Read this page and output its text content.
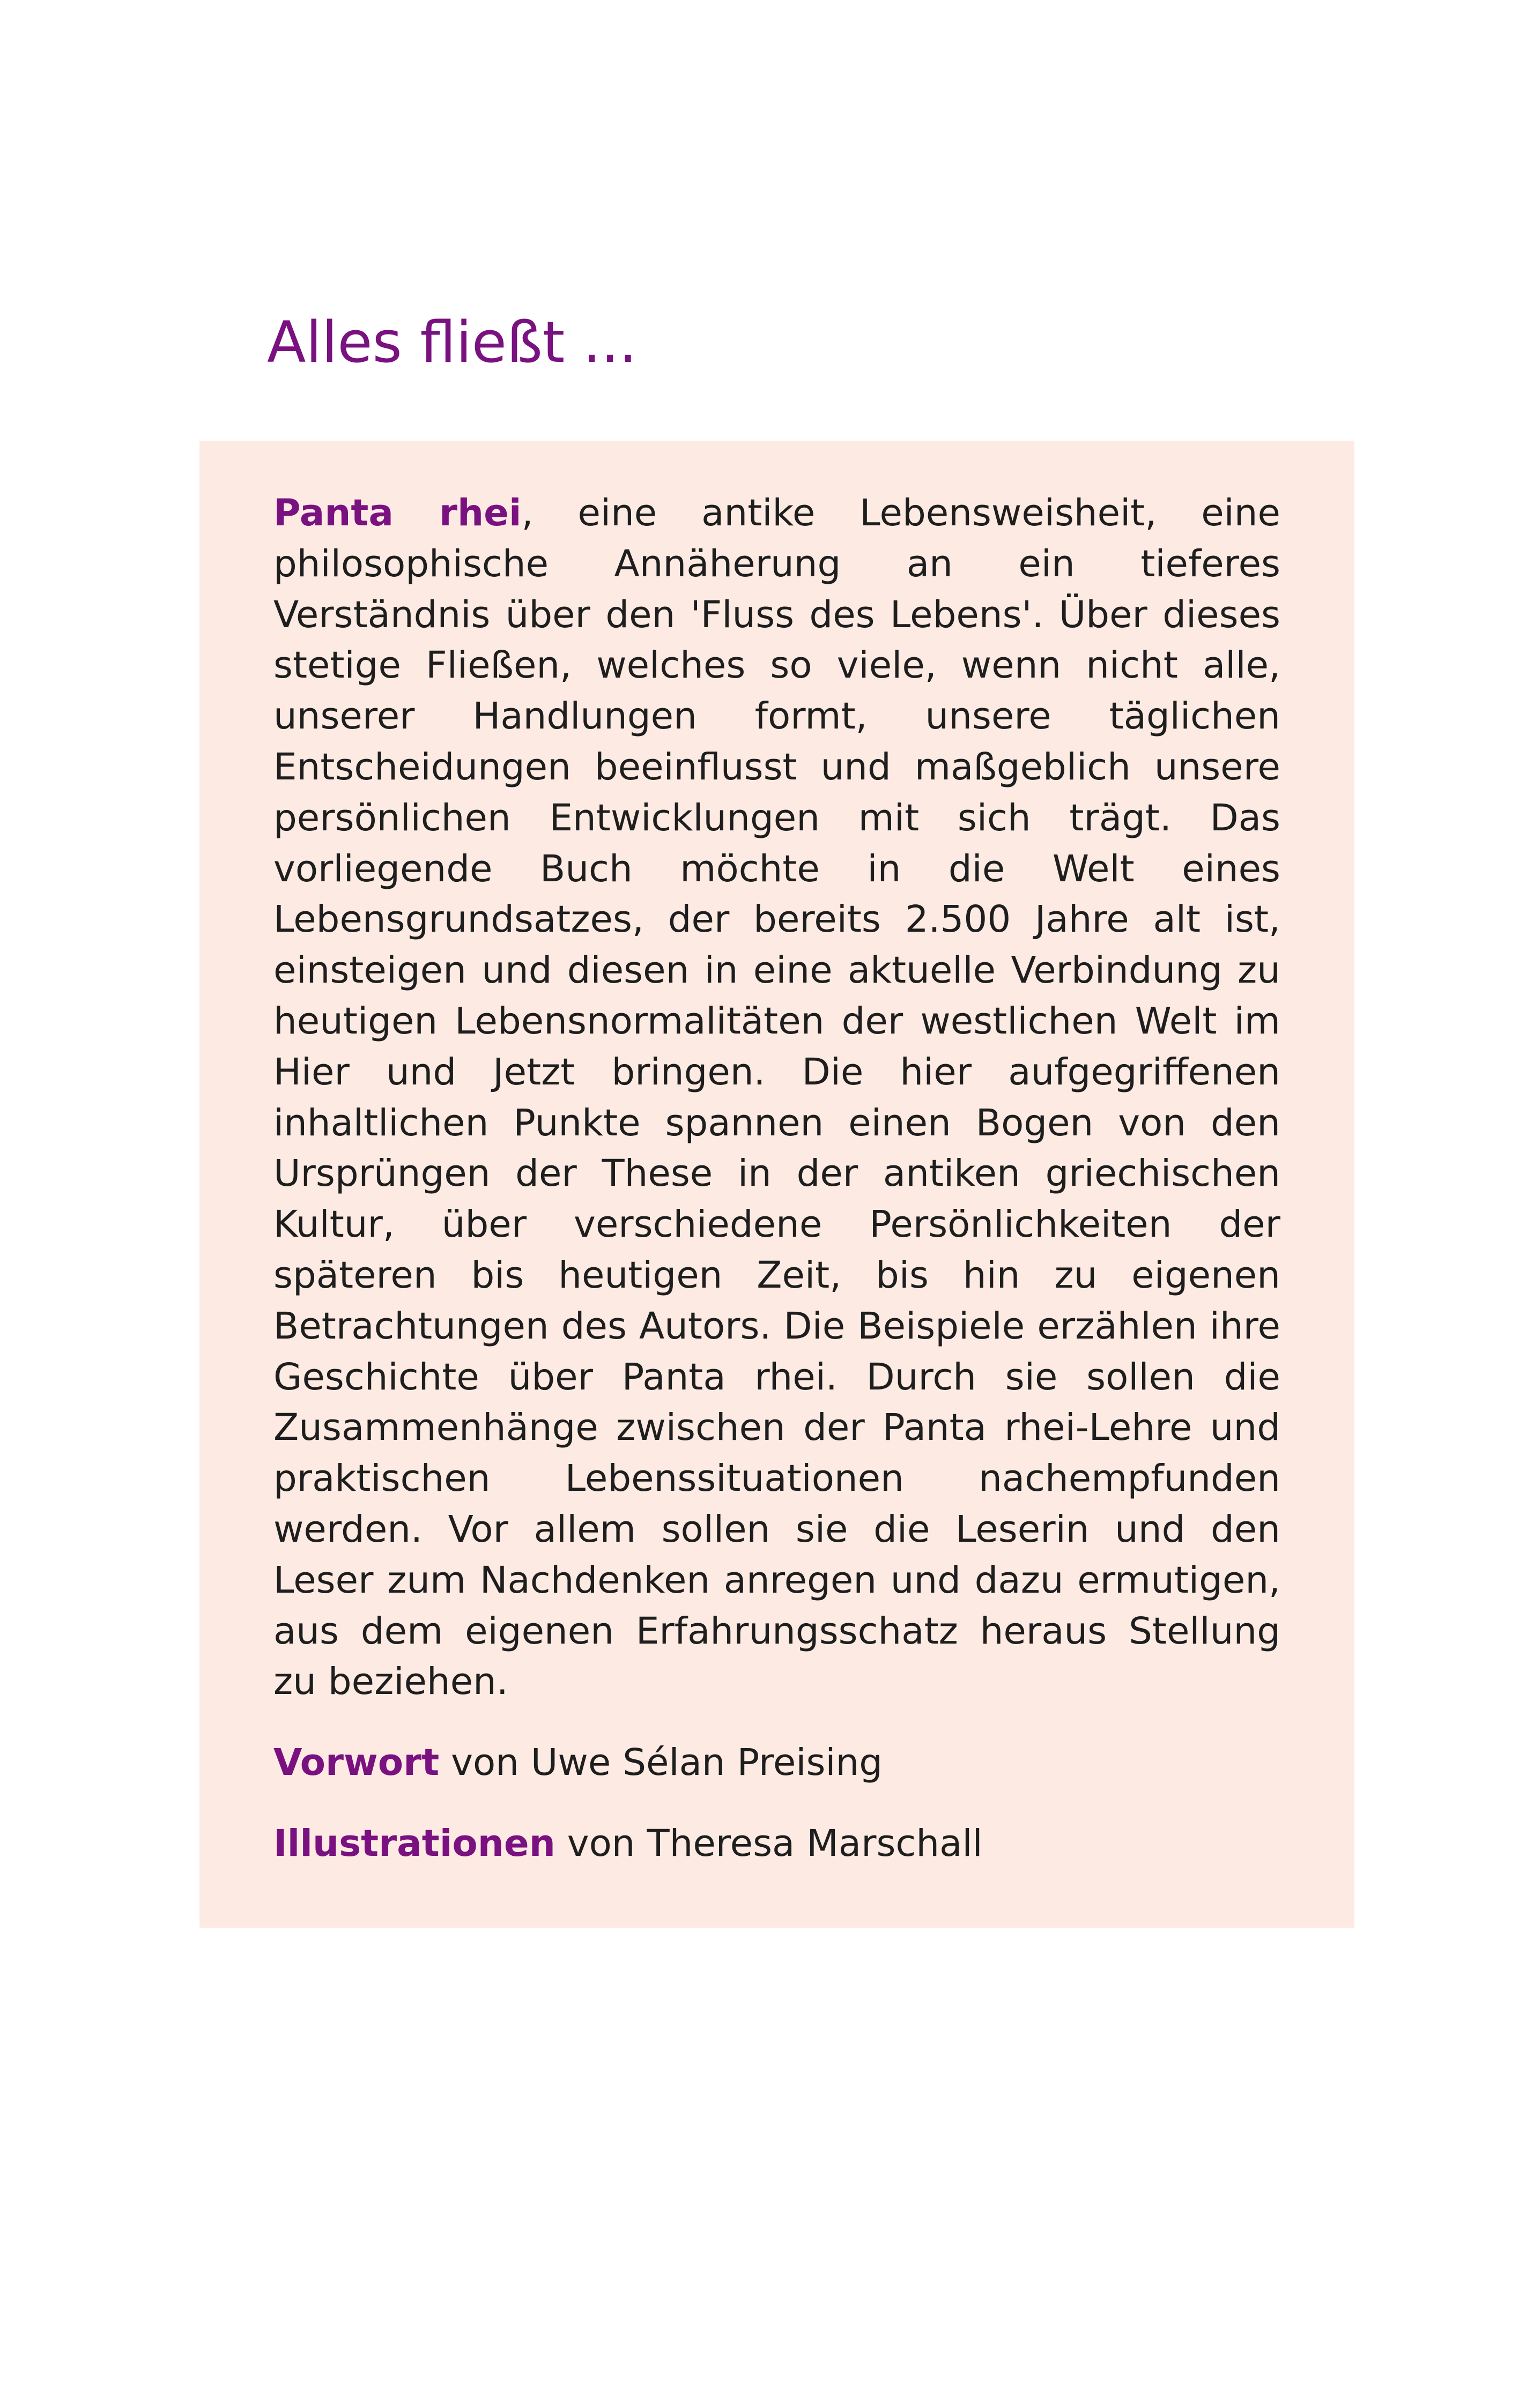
Alles fließt ...

Panta rhei, eine antike Lebensweisheit, eine philosophische Annäherung an ein tieferes Verständnis über den 'Fluss des Lebens'. Über dieses stetige Fließen, welches so viele, wenn nicht alle, unserer Handlungen formt, unsere täglichen Entscheidungen beeinflusst und maßgeblich unsere persönlichen Entwicklungen mit sich trägt. Das vorliegende Buch möchte in die Welt eines Lebensgrundsatzes, der bereits 2.500 Jahre alt ist, einsteigen und diesen in eine aktuelle Verbindung zu heutigen Lebensnormalitäten der westlichen Welt im Hier und Jetzt bringen. Die hier aufgegriffenen inhaltlichen Punkte spannen einen Bogen von den Ursprüngen der These in der antiken griechischen Kultur, über verschiedene Persönlichkeiten der späteren bis heutigen Zeit, bis hin zu eigenen Betrachtungen des Autors. Die Beispiele erzählen ihre Geschichte über Panta rhei. Durch sie sollen die Zusammenhänge zwischen der Panta rhei-Lehre und praktischen Lebenssituationen nachempfunden werden. Vor allem sollen sie die Leserin und den Leser zum Nachdenken anregen und dazu ermutigen, aus dem eigenen Erfahrungsschatz heraus Stellung zu beziehen.

Vorwort von Uwe Sélan Preising

Illustrationen von Theresa Marschall
